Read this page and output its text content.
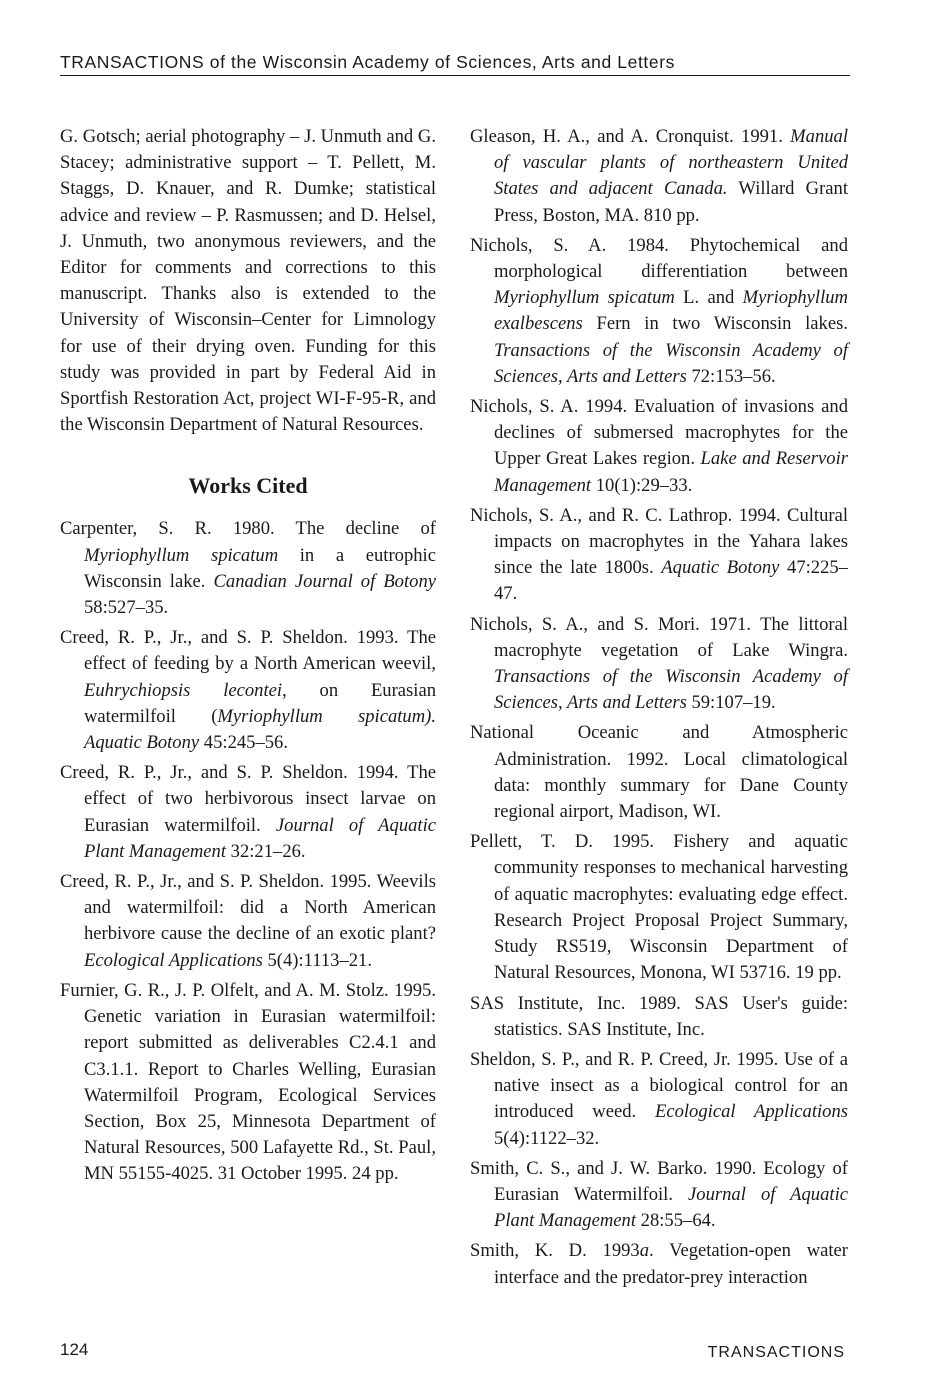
TRANSACTIONS of the Wisconsin Academy of Sciences, Arts and Letters

G. Gotsch; aerial photography – J. Unmuth and G. Stacey; administrative support – T. Pellett, M. Staggs, D. Knauer, and R. Dumke; statistical advice and review – P. Rasmussen; and D. Helsel, J. Unmuth, two anonymous reviewers, and the Editor for comments and corrections to this manuscript. Thanks also is extended to the University of Wisconsin–Center for Limnology for use of their drying oven. Funding for this study was provided in part by Federal Aid in Sportfish Restoration Act, project WI-F-95-R, and the Wisconsin Department of Natural Resources.

Works Cited

Carpenter, S. R. 1980. The decline of Myriophyllum spicatum in a eutrophic Wisconsin lake. Canadian Journal of Botony 58:527–35.

Creed, R. P., Jr., and S. P. Sheldon. 1993. The effect of feeding by a North American weevil, Euhrychiopsis lecontei, on Eurasian watermilfoil (Myriophyllum spicatum). Aquatic Botony 45:245–56.

Creed, R. P., Jr., and S. P. Sheldon. 1994. The effect of two herbivorous insect larvae on Eurasian watermilfoil. Journal of Aquatic Plant Management 32:21–26.

Creed, R. P., Jr., and S. P. Sheldon. 1995. Weevils and watermilfoil: did a North American herbivore cause the decline of an exotic plant? Ecological Applications 5(4):1113–21.

Furnier, G. R., J. P. Olfelt, and A. M. Stolz. 1995. Genetic variation in Eurasian watermilfoil: report submitted as deliverables C2.4.1 and C3.1.1. Report to Charles Welling, Eurasian Watermilfoil Program, Ecological Services Section, Box 25, Minnesota Department of Natural Resources, 500 Lafayette Rd., St. Paul, MN 55155-4025. 31 October 1995. 24 pp.

Gleason, H. A., and A. Cronquist. 1991. Manual of vascular plants of northeastern United States and adjacent Canada. Willard Grant Press, Boston, MA. 810 pp.

Nichols, S. A. 1984. Phytochemical and morphological differentiation between Myriophyllum spicatum L. and Myriophyllum exalbescens Fern in two Wisconsin lakes. Transactions of the Wisconsin Academy of Sciences, Arts and Letters 72:153–56.

Nichols, S. A. 1994. Evaluation of invasions and declines of submersed macrophytes for the Upper Great Lakes region. Lake and Reservoir Management 10(1):29–33.

Nichols, S. A., and R. C. Lathrop. 1994. Cultural impacts on macrophytes in the Yahara lakes since the late 1800s. Aquatic Botony 47:225–47.

Nichols, S. A., and S. Mori. 1971. The littoral macrophyte vegetation of Lake Wingra. Transactions of the Wisconsin Academy of Sciences, Arts and Letters 59:107–19.

National Oceanic and Atmospheric Administration. 1992. Local climatological data: monthly summary for Dane County regional airport, Madison, WI.

Pellett, T. D. 1995. Fishery and aquatic community responses to mechanical harvesting of aquatic macrophytes: evaluating edge effect. Research Project Proposal Project Summary, Study RS519, Wisconsin Department of Natural Resources, Monona, WI 53716. 19 pp.

SAS Institute, Inc. 1989. SAS User's guide: statistics. SAS Institute, Inc.

Sheldon, S. P., and R. P. Creed, Jr. 1995. Use of a native insect as a biological control for an introduced weed. Ecological Applications 5(4):1122–32.

Smith, C. S., and J. W. Barko. 1990. Ecology of Eurasian Watermilfoil. Journal of Aquatic Plant Management 28:55–64.

Smith, K. D. 1993a. Vegetation-open water interface and the predator-prey interaction

124	TRANSACTIONS
